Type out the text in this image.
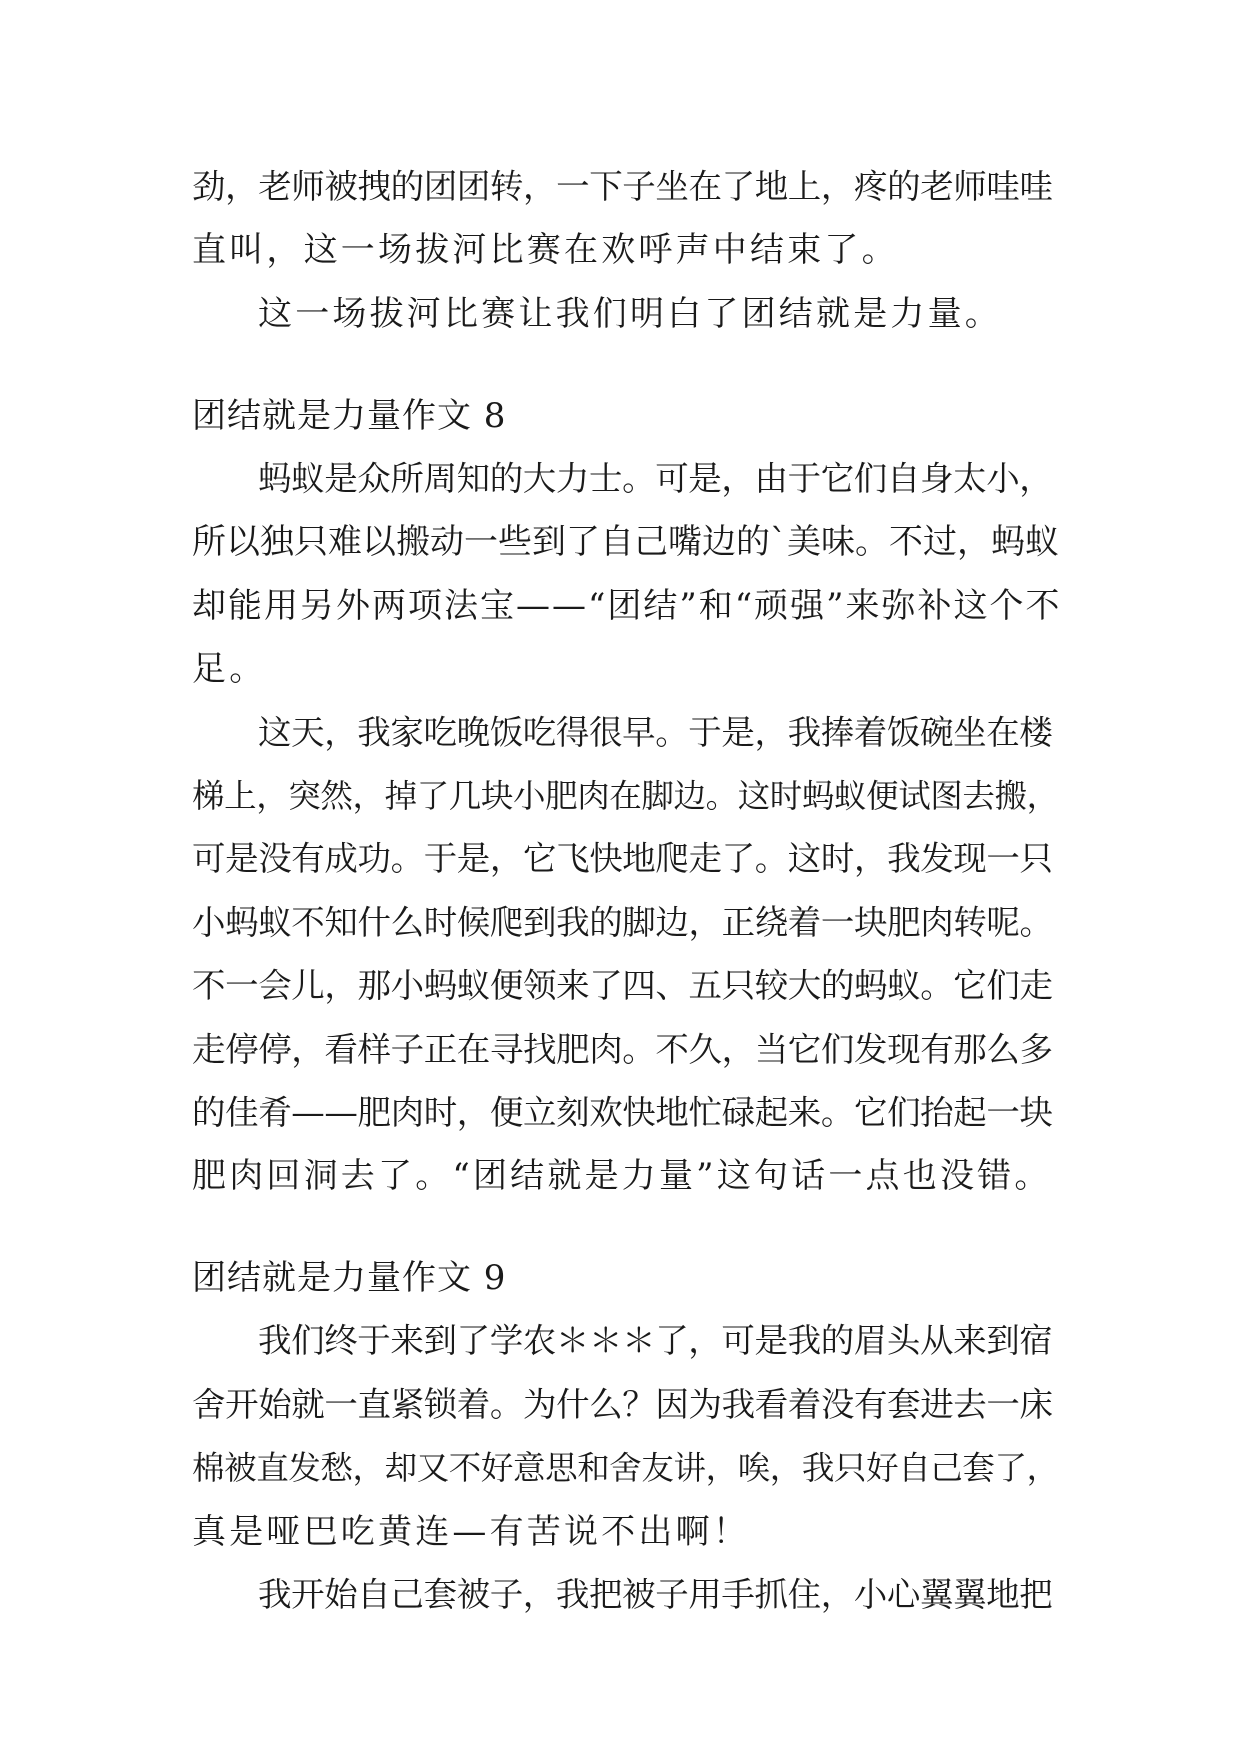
劲，老师被拽的团团转，一下子坐在了地上，疼的老师哇哇
直叫，这一场拔河比赛在欢呼声中结束了。
这一场拔河比赛让我们明白了团结就是力量。
团结就是力量作文 8
蚂蚁是众所周知的大力士。可是，由于它们自身太小，
所以独只难以搬动一些到了自己嘴边的`美味。不过，蚂蚁
却能用另外两项法宝——“团结”和“顽强”来弥补这个不
足。
这天，我家吃晚饭吃得很早。于是，我捧着饭碗坐在楼
梯上，突然，掉了几块小肥肉在脚边。这时蚂蚁便试图去搬，
可是没有成功。于是，它飞快地爬走了。这时，我发现一只
小蚂蚁不知什么时候爬到我的脚边，正绕着一块肥肉转呢。
不一会儿，那小蚂蚁便领来了四、五只较大的蚂蚁。它们走
走停停，看样子正在寻找肥肉。不久，当它们发现有那么多
的佳肴——肥肉时，便立刻欢快地忙碌起来。它们抬起一块
肥肉回洞去了。“团结就是力量”这句话一点也没错。
团结就是力量作文 9
我们终于来到了学农＊＊＊了，可是我的眉头从来到宿
舍开始就一直紧锁着。为什么？因为我看着没有套进去一床
棉被直发愁，却又不好意思和舍友讲，唉，我只好自己套了，
真是哑巴吃黄连—有苦说不出啊！
我开始自己套被子，我把被子用手抓住，小心翼翼地把
